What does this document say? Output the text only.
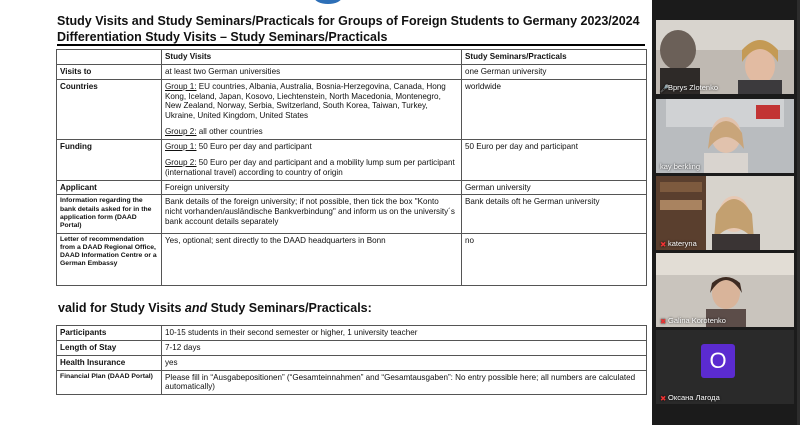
Study Visits and Study Seminars/Practicals for Groups of Foreign Students to Germany 2023/2024
Differentiation Study Visits – Study Seminars/Practicals
	Study Visits	Study Seminars/Practicals
Visits to	at least two German universities	one German university
Countries	Group 1: EU countries, Albania, Australia, Bosnia-Herzegovina, Canada, Hong Kong, Iceland, Japan, Kosovo, Liechtenstein, North Macedonia, Montenegro, New Zealand, Norway, Serbia, Switzerland, South Korea, Taiwan, Turkey, Ukraine, United Kingdom, United States
Group 2: all other countries	worldwide
Funding	Group 1: 50 Euro per day and participant
Group 2: 50 Euro per day and participant and a mobility lump sum per participant (international travel) according to country of origin	50 Euro per day and participant
Applicant	Foreign university	German university
Information regarding the bank details asked for in the application form (DAAD Portal)	Bank details of the foreign university; if not possible, then tick the box "Konto nicht vorhanden/ausländische Bankverbindung" and inform us on the university´s bank account details separately	Bank details oft he German university
Letter of recommendation from a DAAD Regional Office, DAAD Information Centre or a German Embassy	Yes, optional; sent directly to the DAAD headquarters in Bonn	no
valid for Study Visits and Study Seminars/Practicals:
Participants	10-15 students in their second semester or higher, 1 university teacher
Length of Stay	7-12 days
Health Insurance	yes
Financial Plan (DAAD Portal)	Please fill in “Ausgabepositionen” (“Gesamteinnahmen” and “Gesamtausgaben”: No entry possible here; all numbers are calculated automatically)
🎤Bprys Zlotenko
kay berkling
✖ kateryna
✖ Galina Korotenko
O
✖ Оксана Лагода
